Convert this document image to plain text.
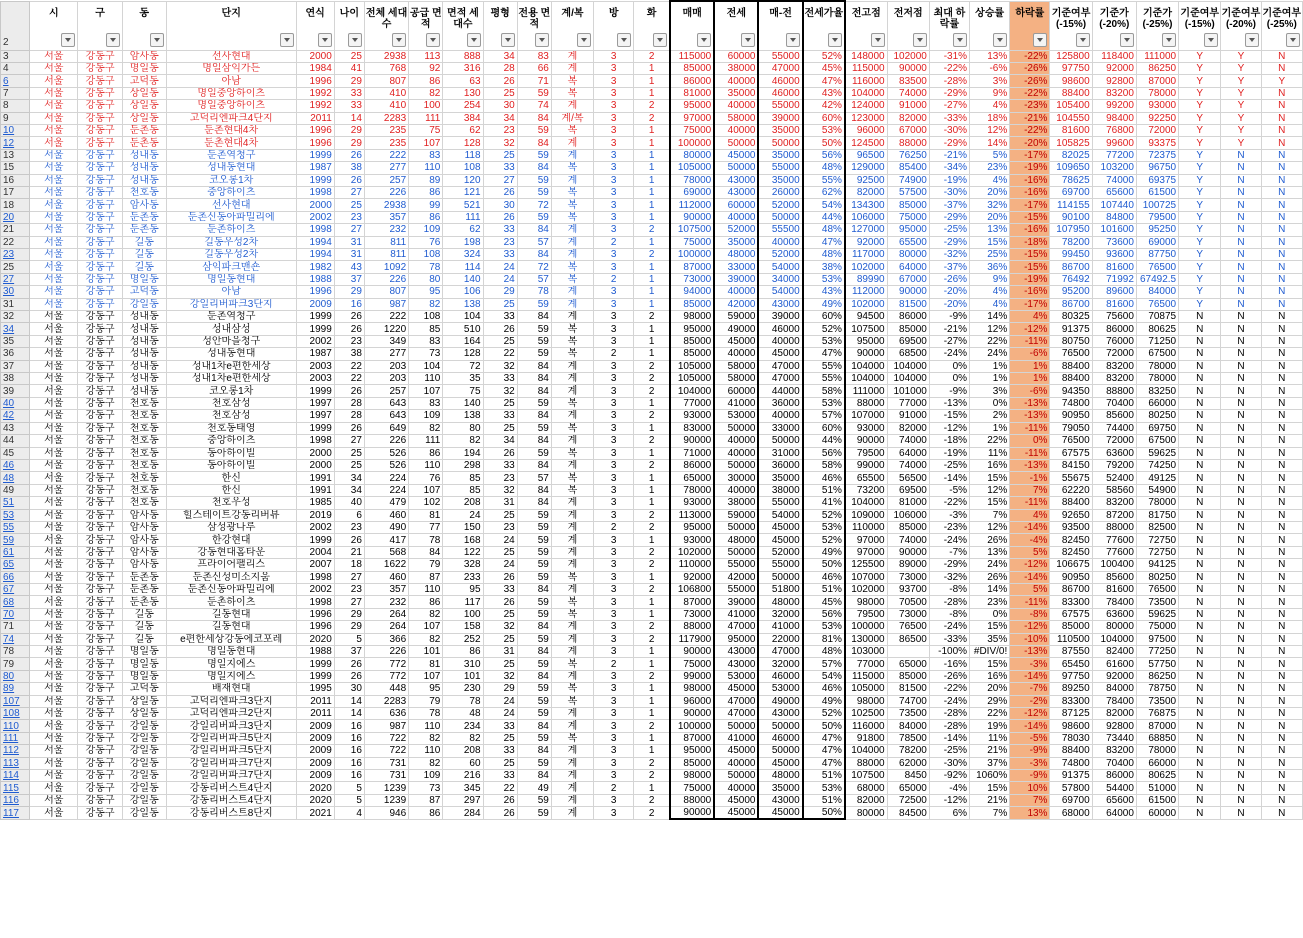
2	시	구	동	단지	연식	나이	전체 세대수	공급 면적	면적 세대수	평형	전용 면적	계/복	방	화	매매	전세	매-전	전세가율	전고점	전저점	최대 하락률	상승률	하락률	기준여부 (-15%)	기준가 (-20%)	기준가 (-25%)	기준여부 (-15%)	기준여부 (-20%)	기준여부 (-25%)

3	서울	강동구	암사동	선사현대	2000	25	2938	113	888	34	83	계	3	2	115000	60000	55000	52%	148000	102000	-31%	13%	-22%	125800	118400	111000	Y	Y	N
4	서울	강동구	명일동	명일삼익가든	1984	41	768	92	316	28	66	계	3	1	85000	38000	47000	45%	115000	90000	-22%	-6%	-26%	97750	92000	86250	Y	Y	N
6	서울	강동구	고덕동	아남	1996	29	807	86	63	26	71	복	3	1	86000	40000	46000	47%	116000	83500	-28%	3%	-26%	98600	92800	87000	Y	Y	Y
7	서울	강동구	상일동	명일중앙하이츠	1992	33	410	82	130	25	59	복	3	1	81000	35000	46000	43%	104000	74000	-29%	9%	-22%	88400	83200	78000	Y	Y	N
8	서울	강동구	상일동	명일중앙하이츠	1992	33	410	100	254	30	74	계	3	2	95000	40000	55000	42%	124000	91000	-27%	4%	-23%	105400	99200	93000	Y	Y	N
9	서울	강동구	상일동	고덕리엔파크4단지	2011	14	2283	111	384	34	84	계/복	3	2	97000	58000	39000	60%	123000	82000	-33%	18%	-21%	104550	98400	92250	Y	Y	N
10	서울	강동구	둔촌동	둔촌현대4차	1996	29	235	75	62	23	59	복	3	1	75000	40000	35000	53%	96000	67000	-30%	12%	-22%	81600	76800	72000	Y	Y	N
12	서울	강동구	둔촌동	둔촌현대4차	1996	29	235	107	128	32	84	계	3	1	100000	50000	50000	50%	124500	88000	-29%	14%	-20%	105825	99600	93375	Y	Y	N
13	서울	강동구	성내동	둔촌역청구	1999	26	222	83	118	25	59	계	3	1	80000	45000	35000	56%	96500	76250	-21%	5%	-17%	82025	77200	72375	Y	N	N
15	서울	강동구	성내동	성내동현대	1987	38	277	110	108	33	84	복	3	1	105000	50000	55000	48%	129000	85400	-34%	23%	-19%	109650	103200	96750	Y	N	N
16	서울	강동구	성내동	코오롱1차	1999	26	257	89	120	27	59	계	3	1	78000	43000	35000	55%	92500	74900	-19%	4%	-16%	78625	74000	69375	Y	N	N
17	서울	강동구	천호동	중앙하이츠	1998	27	226	86	121	26	59	복	3	1	69000	43000	26000	62%	82000	57500	-30%	20%	-16%	69700	65600	61500	Y	N	N
18	서울	강동구	암사동	선사현대	2000	25	2938	99	521	30	72	복	3	1	112000	60000	52000	54%	134300	85000	-37%	32%	-17%	114155	107440	100725	Y	N	N
20	서울	강동구	둔촌동	둔촌신동아파밀리에	2002	23	357	86	111	26	59	복	3	1	90000	40000	50000	44%	106000	75000	-29%	20%	-15%	90100	84800	79500	Y	N	N
21	서울	강동구	둔촌동	둔촌하이츠	1998	27	232	109	62	33	84	계	3	2	107500	52000	55500	48%	127000	95000	-25%	13%	-16%	107950	101600	95250	Y	N	N
22	서울	강동구	길동	길동우성2차	1994	31	811	76	198	23	57	계	2	1	75000	35000	40000	47%	92000	65500	-29%	15%	-18%	78200	73600	69000	Y	N	N
23	서울	강동구	길동	길동우성2차	1994	31	811	108	324	33	84	계	3	2	100000	48000	52000	48%	117000	80000	-32%	25%	-15%	99450	93600	87750	Y	N	N
25	서울	강동구	길동	삼익파크맨숀	1982	43	1092	78	114	24	72	복	3	1	87000	33000	54000	38%	102000	64000	-37%	36%	-15%	86700	81600	76500	Y	N	N
27	서울	강동구	명일동	명일동현대	1988	37	226	80	140	24	57	복	2	1	73000	39000	34000	53%	89990	67000	-26%	9%	-19%	76492	71992	67492.5	Y	N	N
30	서울	강동구	고덕동	아남	1996	29	807	95	106	29	78	계	3	1	94000	40000	54000	43%	112000	90000	-20%	4%	-16%	95200	89600	84000	Y	N	N
31	서울	강동구	강일동	강일리버파크3단지	2009	16	987	82	138	25	59	계	3	1	85000	42000	43000	49%	102000	81500	-20%	4%	-17%	86700	81600	76500	Y	N	N
32	서울	강동구	성내동	둔촌역청구	1999	26	222	108	104	33	84	계	3	2	98000	59000	39000	60%	94500	86000	-9%	14%	4%	80325	75600	70875	N	N	N
34	서울	강동구	성내동	성내삼성	1999	26	1220	85	510	26	59	복	3	1	95000	49000	46000	52%	107500	85000	-21%	12%	-12%	91375	86000	80625	N	N	N
35	서울	강동구	성내동	성안마을청구	2002	23	349	83	164	25	59	복	3	1	85000	45000	40000	53%	95000	69500	-27%	22%	-11%	80750	76000	71250	N	N	N
36	서울	강동구	성내동	성내동현대	1987	38	277	73	128	22	59	복	2	1	85000	40000	45000	47%	90000	68500	-24%	24%	-6%	76500	72000	67500	N	N	N
37	서울	강동구	성내동	성내1차e편한세상	2003	22	203	104	72	32	84	계	3	2	105000	58000	47000	55%	104000	104000	0%	1%	1%	88400	83200	78000	N	N	N
38	서울	강동구	성내동	성내1차e편한세상	2003	22	203	110	35	33	84	계	3	2	105000	58000	47000	55%	104000	104000	0%	1%	1%	88400	83200	78000	N	N	N
39	서울	강동구	성내동	코오롱1차	1999	26	257	107	75	32	84	계	3	2	104000	60000	44000	58%	111000	101000	-9%	3%	-6%	94350	88800	83250	N	N	N
40	서울	강동구	천호동	천호삼성	1997	28	643	83	140	25	59	복	3	1	77000	41000	36000	53%	88000	77000	-13%	0%	-13%	74800	70400	66000	N	N	N
42	서울	강동구	천호동	천호삼성	1997	28	643	109	138	33	84	계	3	2	93000	53000	40000	57%	107000	91000	-15%	2%	-13%	90950	85600	80250	N	N	N
43	서울	강동구	천호동	천호동태영	1999	26	649	82	80	25	59	복	3	1	83000	50000	33000	60%	93000	82000	-12%	1%	-11%	79050	74400	69750	N	N	N
44	서울	강동구	천호동	중앙하이츠	1998	27	226	111	82	34	84	계	3	2	90000	40000	50000	44%	90000	74000	-18%	22%	0%	76500	72000	67500	N	N	N
45	서울	강동구	천호동	동아하이빌	2000	25	526	86	194	26	59	복	3	1	71000	40000	31000	56%	79500	64000	-19%	11%	-11%	67575	63600	59625	N	N	N
46	서울	강동구	천호동	동아하이빌	2000	25	526	110	298	33	84	계	3	2	86000	50000	36000	58%	99000	74000	-25%	16%	-13%	84150	79200	74250	N	N	N
48	서울	강동구	천호동	한신	1991	34	224	76	85	23	57	복	3	1	65000	30000	35000	46%	65500	56500	-14%	15%	-1%	55675	52400	49125	N	N	N
49	서울	강동구	천호동	한신	1991	34	224	107	85	32	84	복	3	1	78000	40000	38000	51%	73200	69500	-5%	12%	7%	62220	58560	54900	N	N	N
51	서울	강동구	천호동	천호우성	1985	40	479	102	208	31	84	계	3	1	93000	38000	55000	41%	104000	81000	-22%	15%	-11%	88400	83200	78000	N	N	N
53	서울	강동구	암사동	힐스테이트강동리버뷰	2019	6	460	81	24	25	59	계	3	2	113000	59000	54000	52%	109000	106000	-3%	7%	4%	92650	87200	81750	N	N	N
55	서울	강동구	암사동	삼성광나루	2002	23	490	77	150	23	59	계	2	2	95000	50000	45000	53%	110000	85000	-23%	12%	-14%	93500	88000	82500	N	N	N
59	서울	강동구	암사동	한강현대	1999	26	417	78	168	24	59	계	3	1	93000	48000	45000	52%	97000	74000	-24%	26%	-4%	82450	77600	72750	N	N	N
61	서울	강동구	암사동	강동현대홈타운	2004	21	568	84	122	25	59	계	3	2	102000	50000	52000	49%	97000	90000	-7%	13%	5%	82450	77600	72750	N	N	N
65	서울	강동구	암사동	프라이어팰리스	2007	18	1622	79	328	24	59	계	3	2	110000	55000	55000	50%	125500	89000	-29%	24%	-12%	106675	100400	94125	N	N	N
66	서울	강동구	둔촌동	둔촌신성미소지움	1998	27	460	87	233	26	59	복	3	1	92000	42000	50000	46%	107000	73000	-32%	26%	-14%	90950	85600	80250	N	N	N
67	서울	강동구	둔촌동	둔촌신동아파밀리에	2002	23	357	110	95	33	84	계	3	2	106800	55000	51800	51%	102000	93700	-8%	14%	5%	86700	81600	76500	N	N	N
68	서울	강동구	둔촌동	둔촌하이츠	1998	27	232	86	117	26	59	복	3	1	87000	39000	48000	45%	98000	70500	-28%	23%	-11%	83300	78400	73500	N	N	N
70	서울	강동구	길동	길동현대	1996	29	264	82	100	25	59	복	3	1	73000	41000	32000	56%	79500	73000	-8%	0%	-8%	67575	63600	59625	N	N	N
71	서울	강동구	길동	길동현대	1996	29	264	107	158	32	84	계	3	2	88000	47000	41000	53%	100000	76500	-24%	15%	-12%	85000	80000	75000	N	N	N
74	서울	강동구	길동	e편한세상강동에코포레	2020	5	366	82	252	25	59	계	3	2	117900	95000	22000	81%	130000	86500	-33%	35%	-10%	110500	104000	97500	N	N	N
78	서울	강동구	명일동	명일동현대	1988	37	226	101	86	31	84	계	3	1	90000	43000	47000	48%	103000		-100%	#DIV/0!	-13%	87550	82400	77250	N	N	N
79	서울	강동구	명일동	명일지에스	1999	26	772	81	310	25	59	복	2	1	75000	43000	32000	57%	77000	65000	-16%	15%	-3%	65450	61600	57750	N	N	N
80	서울	강동구	명일동	명일지에스	1999	26	772	107	101	32	84	계	3	2	99000	53000	46000	54%	115000	85000	-26%	16%	-14%	97750	92000	86250	N	N	N
89	서울	강동구	고덕동	배재현대	1995	30	448	95	230	29	59	복	3	1	98000	45000	53000	46%	105000	81500	-22%	20%	-7%	89250	84000	78750	N	N	N
107	서울	강동구	상일동	고덕리엔파크3단지	2011	14	2283	79	78	24	59	복	3	1	96000	47000	49000	49%	98000	74700	-24%	29%	-2%	83300	78400	73500	N	N	N
108	서울	강동구	상일동	고덕리엔파크2단지	2011	14	636	78	48	24	59	계	3	1	90000	47000	43000	52%	102500	73500	-28%	22%	-12%	87125	82000	76875	N	N	N
110	서울	강동구	강일동	강일리버파크3단지	2009	16	987	110	234	33	84	계	3	2	100000	50000	50000	50%	116000	84000	-28%	19%	-14%	98600	92800	87000	N	N	N
111	서울	강동구	강일동	강일리버파크5단지	2009	16	722	82	82	25	59	복	3	1	87000	41000	46000	47%	91800	78500	-14%	11%	-5%	78030	73440	68850	N	N	N
112	서울	강동구	강일동	강일리버파크5단지	2009	16	722	110	208	33	84	계	3	1	95000	45000	50000	47%	104000	78200	-25%	21%	-9%	88400	83200	78000	N	N	N
113	서울	강동구	강일동	강일리버파크7단지	2009	16	731	82	60	25	59	계	3	2	85000	40000	45000	47%	88000	62000	-30%	37%	-3%	74800	70400	66000	N	N	N
114	서울	강동구	강일동	강일리버파크7단지	2009	16	731	109	216	33	84	계	3	2	98000	50000	48000	51%	107500	8450	-92%	1060%	-9%	91375	86000	80625	N	N	N
115	서울	강동구	강일동	강동리버스트4단지	2020	5	1239	73	345	22	49	계	2	1	75000	40000	35000	53%	68000	65000	-4%	15%	10%	57800	54400	51000	N	N	N
116	서울	강동구	강일동	강동리버스트4단지	2020	5	1239	87	297	26	59	계	3	2	88000	45000	43000	51%	82000	72500	-12%	21%	7%	69700	65600	61500	N	N	N
117	서울	강동구	강일동	강동리버스트8단지	2021	4	946	86	284	26	59	계	3	2	90000	45000	45000	50%	80000	84500	6%	7%	13%	68000	64000	60000	N	N	N
